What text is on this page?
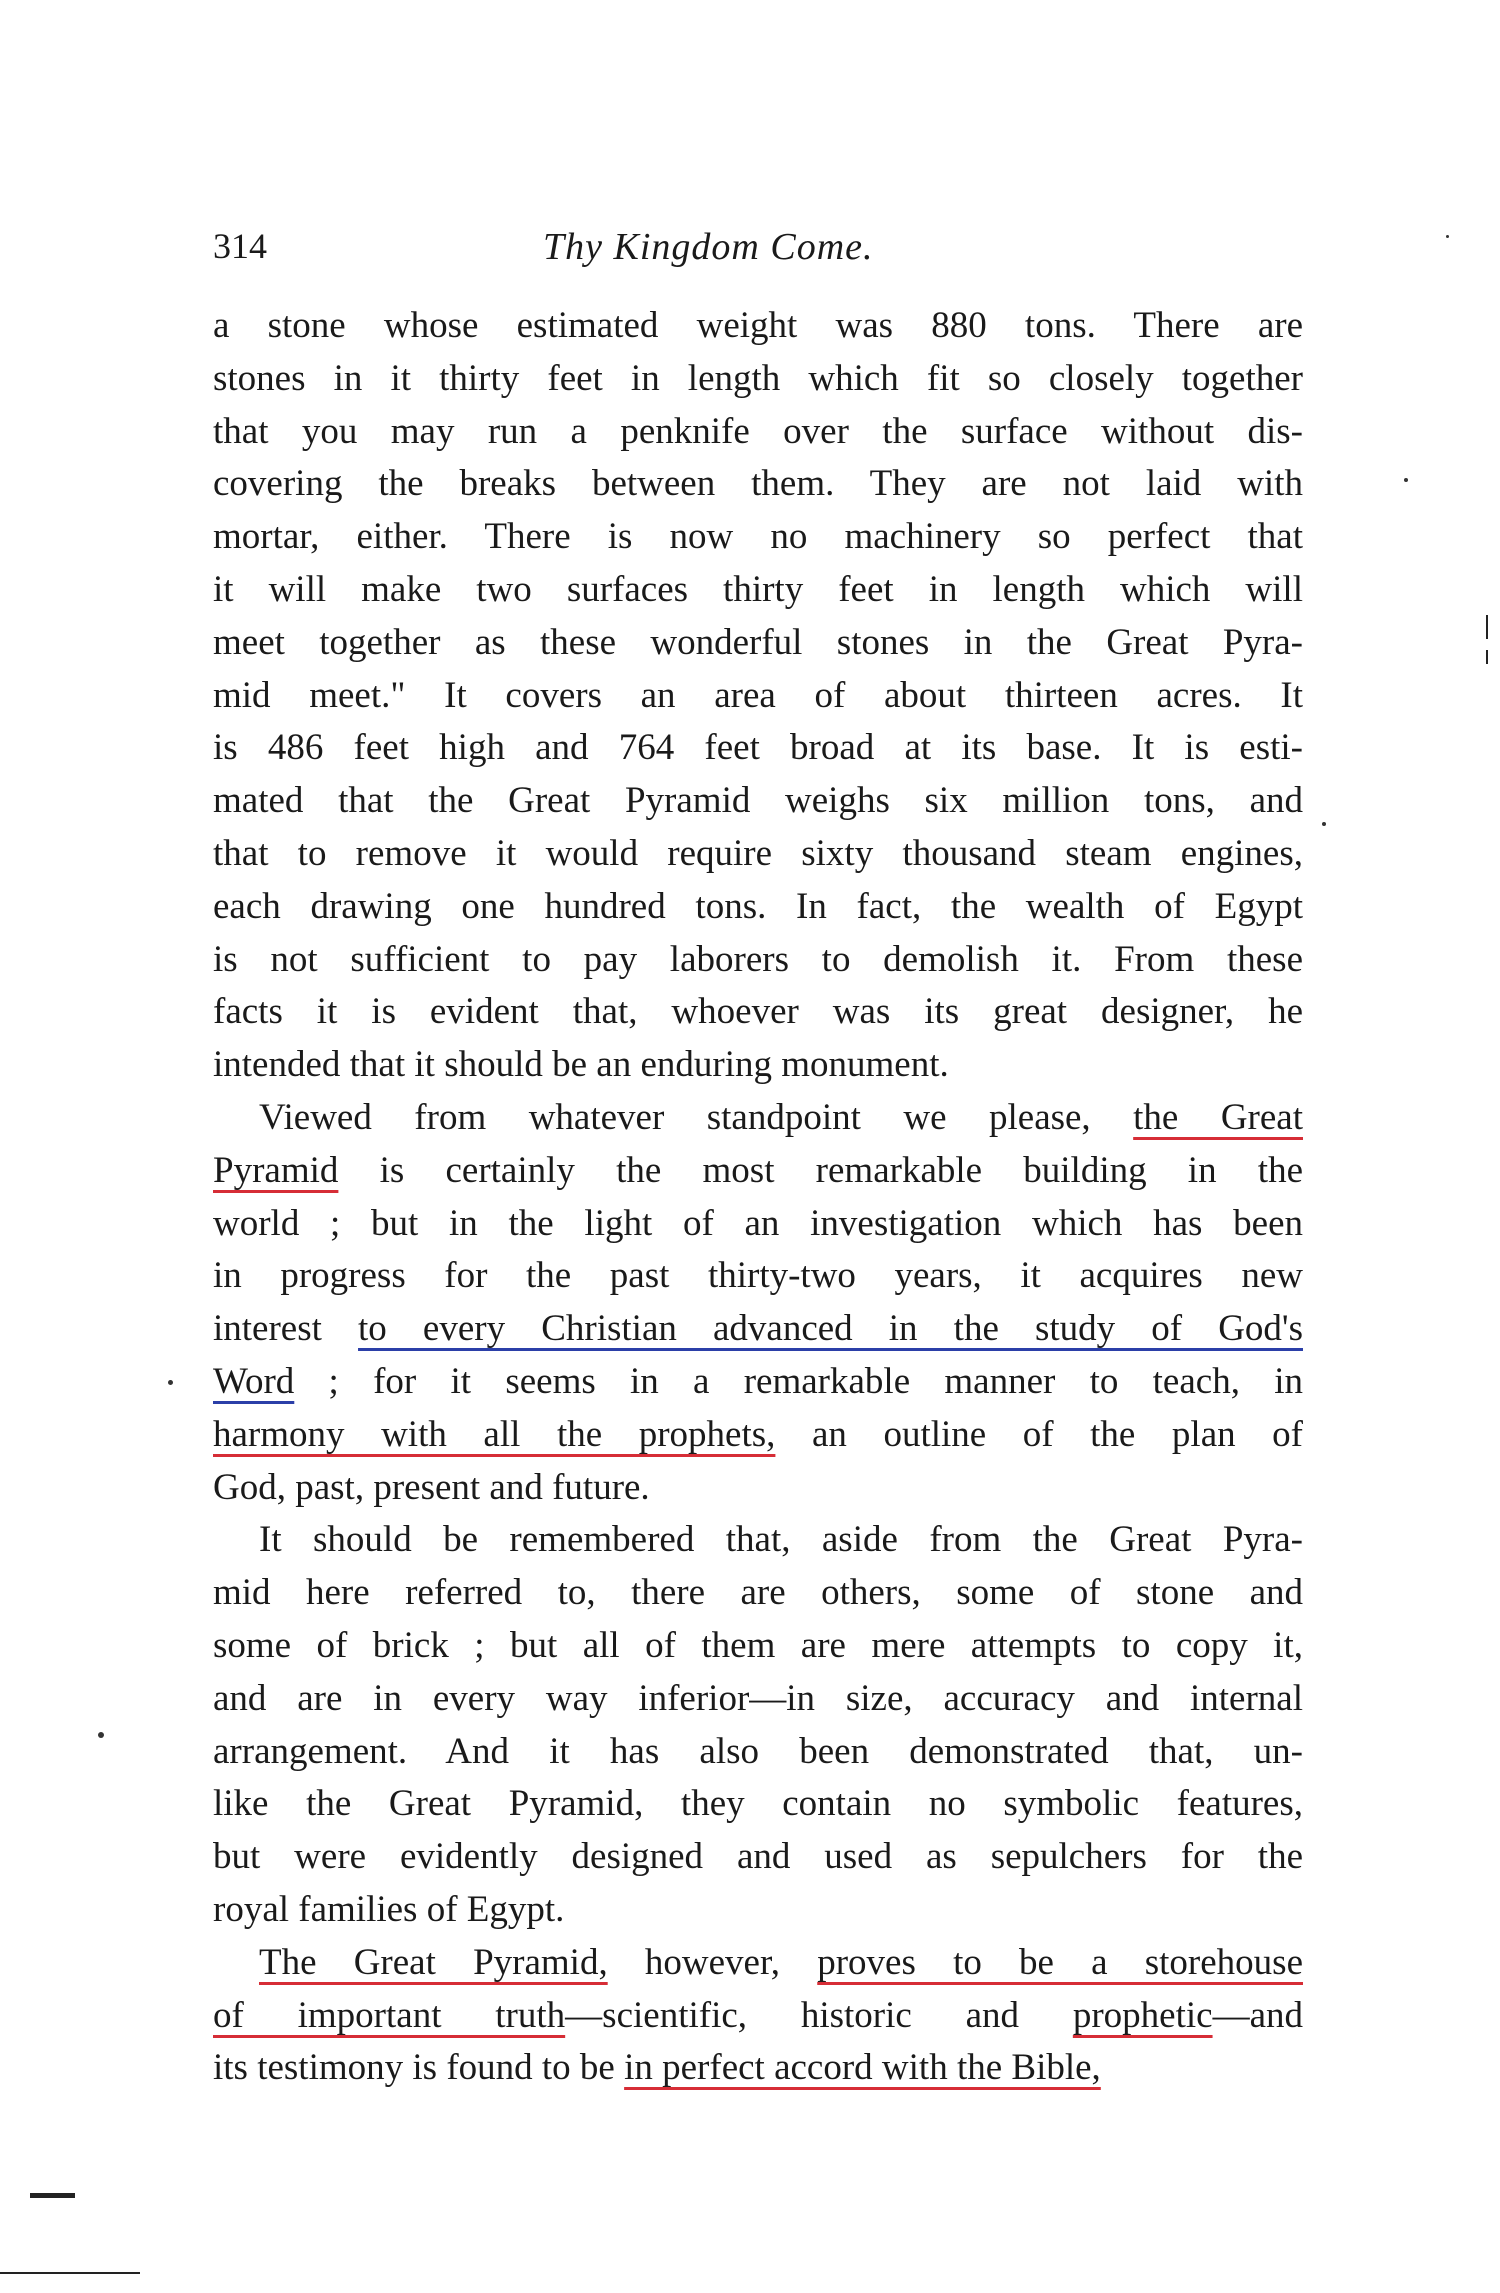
314	Thy Kingdom Come.
a stone whose estimated weight was 880 tons. There are
stones in it thirty feet in length which fit so closely together
that you may run a penknife over the surface without dis-
covering the breaks between them. They are not laid with
mortar, either. There is now no machinery so perfect that
it will make two surfaces thirty feet in length which will
meet together as these wonderful stones in the Great Pyra-
mid meet." It covers an area of about thirteen acres. It
is 486 feet high and 764 feet broad at its base. It is esti-
mated that the Great Pyramid weighs six million tons, and
that to remove it would require sixty thousand steam engines,
each drawing one hundred tons. In fact, the wealth of Egypt
is not sufficient to pay laborers to demolish it. From these
facts it is evident that, whoever was its great designer, he
intended that it should be an enduring monument.
Viewed from whatever standpoint we please, the Great
Pyramid is certainly the most remarkable building in the
world ; but in the light of an investigation which has been
in progress for the past thirty-two years, it acquires new
interest to every Christian advanced in the study of God's
Word ; for it seems in a remarkable manner to teach, in
harmony with all the prophets, an outline of the plan of
God, past, present and future.
It should be remembered that, aside from the Great Pyra-
mid here referred to, there are others, some of stone and
some of brick ; but all of them are mere attempts to copy it,
and are in every way inferior—in size, accuracy and internal
arrangement. And it has also been demonstrated that, un-
like the Great Pyramid, they contain no symbolic features,
but were evidently designed and used as sepulchers for the
royal families of Egypt.
The Great Pyramid, however, proves to be a storehouse
of important truth—scientific, historic and prophetic—and
its testimony is found to be in perfect accord with the Bible,
